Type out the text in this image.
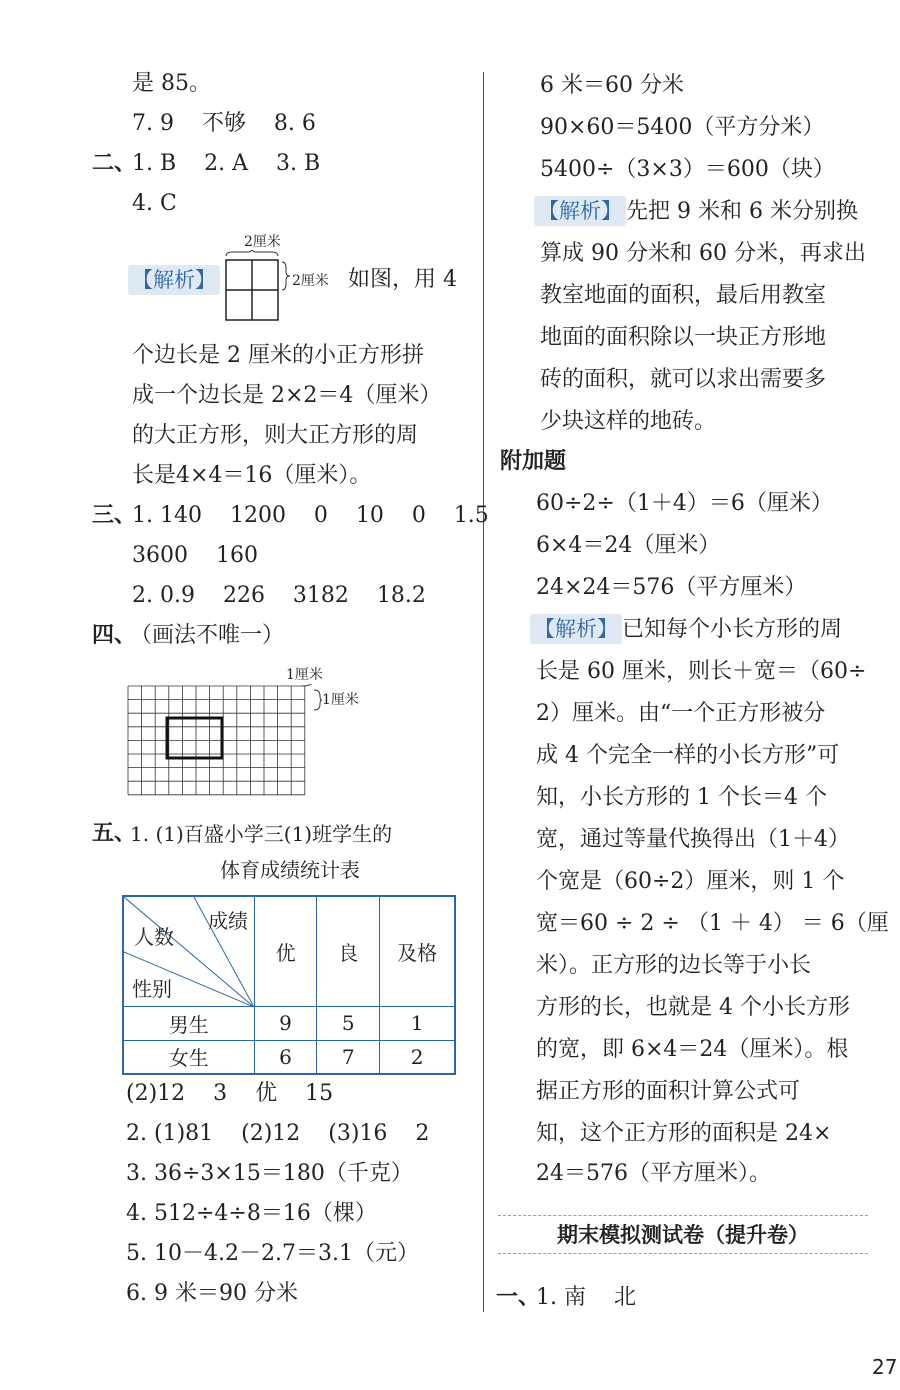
是 85。
7. 9    不够    8. 6
二、
1. B    2. A    3. B
4. C
2厘米
2厘米
【解析】	如图，用 4
个边长是 2 厘米的小正方形拼
成一个边长是 2×2＝4（厘米）
的大正方形，则大正方形的周
长是4×4＝16（厘米）。
三、
1. 140    1200    0    10    0    1.5
3600    160
2. 0.9    226    3182    18.2
四、
（画法不唯一）
1厘米
1厘米
五、
1. (1)百盛小学三(1)班学生的
体育成绩统计表
成绩
人数
性别	优	良	及格
男生	9	5	1
女生	6	7	2
(2)12    3    优    15
2. (1)81    (2)12    (3)16    2
3. 36÷3×15＝180（千克）
4. 512÷4÷8＝16（棵）
5. 10－4.2－2.7＝3.1（元）
6. 9 米＝90 分米
6 米＝60 分米
90×60＝5400（平方分米）
5400÷（3×3）＝600（块）
【解析】 先把 9 米和 6 米分别换
算成 90 分米和 60 分米，再求出
教室地面的面积，最后用教室
地面的面积除以一块正方形地
砖的面积，就可以求出需要多
少块这样的地砖。
附加题
60÷2÷（1＋4）＝6（厘米）
6×4＝24（厘米）
24×24＝576（平方厘米）
【解析】 已知每个小长方形的周
长是 60 厘米，则长＋宽＝（60÷
2）厘米。由“一个正方形被分
成 4 个完全一样的小长方形”可
知，小长方形的 1 个长＝4 个
宽，通过等量代换得出（1＋4）
个宽是（60÷2）厘米，则 1 个
宽＝60 ÷ 2 ÷ （1 ＋ 4） ＝ 6（厘
米）。正方形的边长等于小长
方形的长，也就是 4 个小长方形
的宽，即 6×4＝24（厘米）。根
据正方形的面积计算公式可
知，这个正方形的面积是 24×
24＝576（平方厘米）。
期末模拟测试卷（提升卷）
一、
1. 南    北
27
